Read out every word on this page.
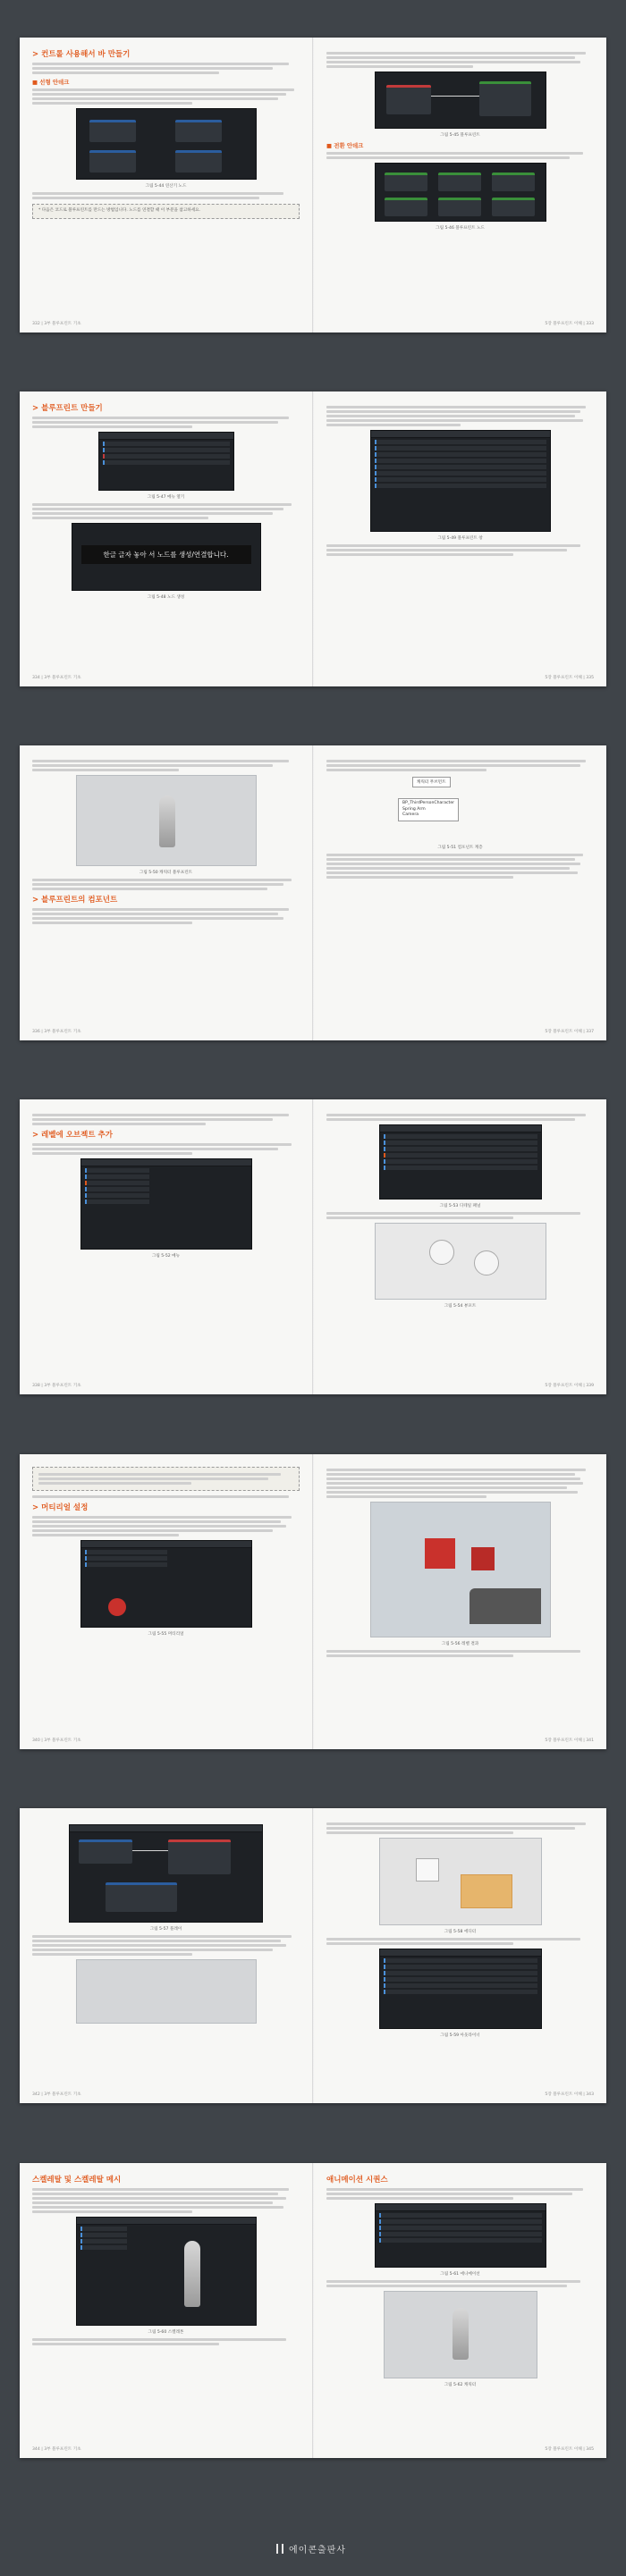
> 컨트롤 사용해서 바 만들기
■ 선형 안데크
그림 5-44 연산기 노드
* 다음은 코드로 블루프린트를 만드는 방법입니다. 노드를 연결할 때 이 부분을 참고하세요.
332 | 3부 블루프린트 기초
그림 5-45 블루프린트
■ 전환 안데크
그림 5-46 블루프린트 노드
5장 블루프린트 이해 | 333
> 블루프린트 만들기
그림 5-47 메뉴 열기
한글 글자 놓아 서 노드를 생성/연결합니다.
그림 5-48 노드 생성
334 | 3부 블루프린트 기초
그림 5-49 블루프린트 창
5장 블루프린트 이해 | 335
그림 5-50 캐릭터 블루프린트
> 블루프린트의 컴포넌트
336 | 3부 블루프린트 기초
캐릭터 무브먼트
BP_ThirdPersonCharacter
Spring Arm
Camera
그림 5-51 컴포넌트 계층
5장 블루프린트 이해 | 337
> 레벨에 오브젝트 추가
그림 5-52 메뉴
338 | 3부 블루프린트 기초
그림 5-53 디테일 패널
그림 5-54 뷰포트
5장 블루프린트 이해 | 339
> 머티리얼 설정
그림 5-55 머티리얼
340 | 3부 블루프린트 기초
그림 5-56 레벨 결과
5장 블루프린트 이해 | 341
그림 5-57 플레이
342 | 3부 블루프린트 기초
그림 5-58 에디터
그림 5-59 아웃라이너
5장 블루프린트 이해 | 343
스켈레탈 및 스켈레탈 메시
그림 5-60 스켈레톤
344 | 3부 블루프린트 기초
애니메이션 시퀀스
그림 5-61 애니메이션
그림 5-62 캐릭터
5장 블루프린트 이해 | 345
에이콘출판사
